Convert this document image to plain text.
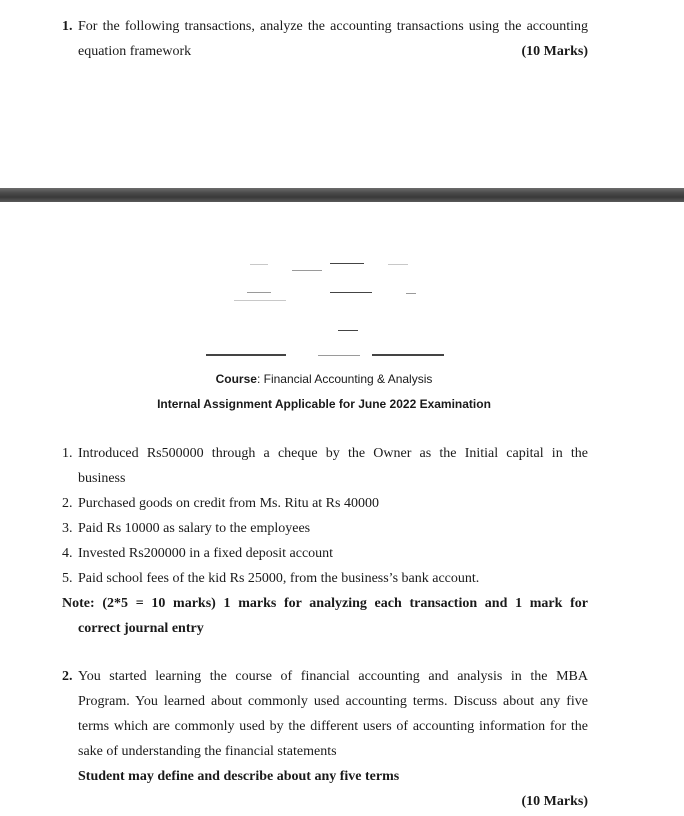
1. For the following transactions, analyze the accounting transactions using the accounting
equation framework	(10 Marks)
Course: Financial Accounting & Analysis
Internal Assignment Applicable for June 2022 Examination
1. Introduced Rs500000 through a cheque by the Owner as the Initial capital in the
business
2. Purchased goods on credit from Ms. Ritu at Rs 40000
3. Paid Rs 10000 as salary to the employees
4. Invested Rs200000 in a fixed deposit account
5. Paid school fees of the kid Rs 25000, from the business’s bank account.
Note: (2*5 = 10 marks) 1 marks for analyzing each transaction and 1 mark for
correct journal entry
2. You started learning the course of financial accounting and analysis in the MBA
Program. You learned about commonly used accounting terms. Discuss about any five
terms which are commonly used by the different users of accounting information for the
sake of understanding the financial statements
Student may define and describe about any five terms
(10 Marks)
